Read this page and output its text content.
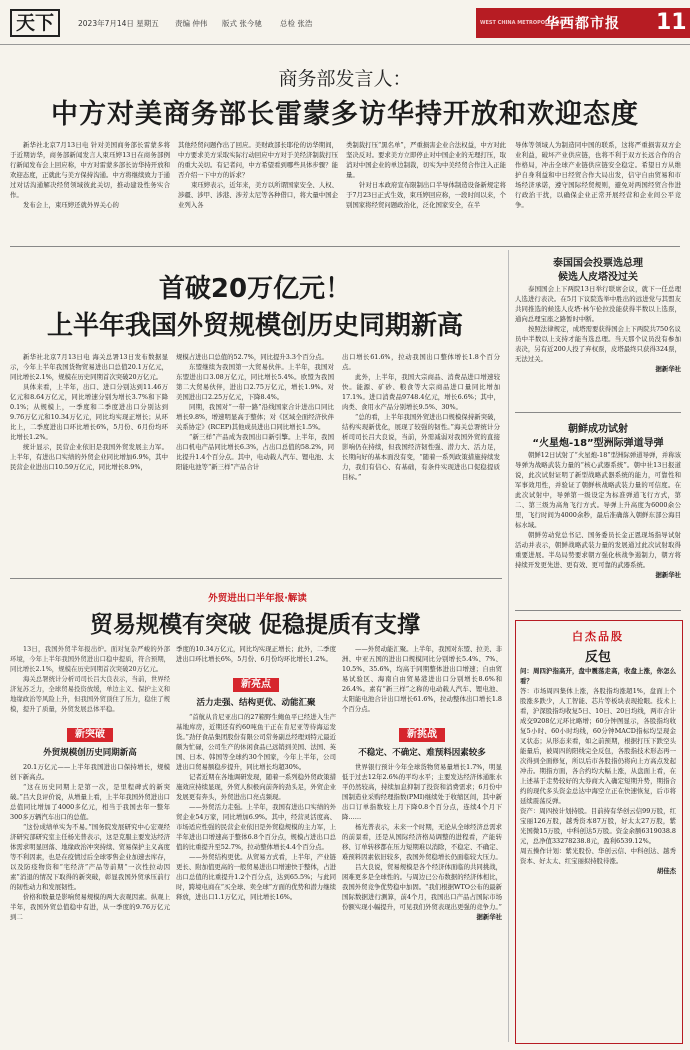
天下	2023年7月14日 星期五 责编 仲伟 版式 张今驰 总检 张浩	WEST CHINA METROPOLIS DAILY
华西都市报 11
商务部发言人：
中方对美商务部长雷蒙多访华持开放和欢迎态度

新华社北京7月13日电 针对美国商务部长雷蒙多将于近期访华，商务部新闻发言人束珏婷13日在商务部例行新闻发布会上回应称，中方对雷蒙多部长访华持开放和欢迎态度，正就此与美方保持沟通。中方将继续致力于通过对话沟通解决经贸领域彼此关切，推动建设性务实合作。

发布会上，束珏婷还就外界关心的

其他经贸问题作出了回应。美财政部长耶伦的访华期间，中方要求美方采取实际行动回应中方对于美经济制裁打压的重大关切。有记者问，中方希望看到哪些具体步骤？能否介绍一下中方的诉求？

束珏婷表示，近年来，美方以所谓国家安全、人权、涉疆、涉甲、涉港、涉芳太尼等各种借口，将大量中国企业列入各

类制裁打压“黑名单”，严重损害企业合法权益，中方对此坚决反对。要求美方立即停止对中国企业的无理打压，取消对中国企业的单边制裁，切实为中美经贸合作注入正能量。

针对日本政府宣布限制出口半导体制造设备新规定将于7月23日正式生效，束珏婷回应称，一段时间以来，个别国家将经贸问题政治化，泛化国家安全，在半

导体等领域人为制造同中国的联系，这将严重损害双方企业利益，破坏产业供应链，也将不利于双方长远合作的合作格局，冲击全球产业链供应链安全稳定。希望日方从维护自身利益和中日经贸合作大局出发，信守自由贸易和市场经济承诺，遵守国际经贸规则，避免对两国经贸合作进行政治干扰，以确保企业正常开展经营和企业间公平竞争。

首破20万亿元！
上半年我国外贸规模创历史同期新高

新华社北京7月13日电 海关总署13日发布数据显示，今年上半年我国货物贸易进出口总值20.1万亿元，同比增长2.1%，规模在历史同期首次突破20万亿元。

具体来看，上半年，出口、进口分别达到11.46万亿元和8.64万亿元，同比增速分别为增长3.7%和下降0.1%；从规模上，一季度和二季度进出口分别达到9.76万亿元和10.34万亿元，同比均实现正增长；从环比上，二季度进出口环比增长6%，5月份、6月份均环比增长1.2%。

统计显示，民营企业依旧是我国外贸发展主力军。上半年，有进出口实绩的外贸企业同比增加6.9%，其中民营企业进出口10.59万亿元，同比增长8.9%，

规模占进出口总值的52.7%，同比提升3.3个百分点。

东盟继续为我国第一大贸易伙伴。上半年，我国对东盟进出口3.08万亿元，同比增长5.4%。欧盟为我国第二大贸易伙伴，进出口2.75万亿元，增长1.9%。对美国进出口2.25万亿元，下降8.4%。

同期，我国对“一带一路”沿线国家合计进出口同比增长9.8%，增速明显高于整体；对《区域全面经济伙伴关系协定》(RCEP)其他成员进出口同比增长1.5%。

“新三样”产品成为我国出口新引擎。上半年，我国出口机电产品同比增长6.3%，占出口总值的58.2%，同比提升1.4个百分点。其中，电动载人汽车、锂电池、太阳能电池等“新三样”产品合计

出口增长61.6%，拉动我国出口整体增长1.8个百分点。

此外，上半年，我国大宗商品、消费品进口增速较快。能源、矿砂、粮食等大宗商品进口量同比增加17.1%。进口消费品9748.4亿元，增长6.6%；其中，肉类、食用水产品分别增长9.5%、30%。

“总的看，上半年我国外贸进出口规模保持新突破，结构实现新优化，展现了较强的韧性。”海关总署统计分析司司长吕大良说，当前，外需减弱对我国外贸的直接影响仍在持续，但我国经济韧性强、潜力大、活力足，长期向好的基本面没有变，“随着一系列政策措施持续发力，我们有信心、有基础，有条件实现进出口促稳提质目标。”

外贸进出口半年报·解读
贸易规模有突破 促稳提质有支撑

13日，我国外贸半年报出炉。面对复杂严峻的外部环境，今年上半年我国外贸进出口稳中提质，符合预期，同比增长2.1%，规模在历史同期首次突破20万亿元。

海关总署统计分析司司长吕大良表示，当前，世界经济复苏乏力，全球贸易投资放缓，单边主义、保护主义和地缘政治等风险上升，但我国外贸顶住了压力，稳住了规模，提升了质量，外贸发展总体平稳。

新突破
外贸规模创历史同期新高

20.1万亿元——上半年我国进出口保持增长，规模创下新高点。

“这在历史同期上是第一次，是里程碑式的新突破。”吕大良评价说，从增量上看，上半年我国外贸进出口总值同比增加了4000多亿元，相当于我国去年一整年300多万辆汽车出口的总值。

“这份成绩单实为不易。”国务院发展研究中心宏观经济研究部研究室主任杨光普表示，这是克服主要发达经济体需求明显回落、地缘政治冲突持续、贸易保护主义高度等不利因素，也是在疫情过后全球零售企业加速去库存，以及防疫物资和“宅经济”产品等前期“一次性拉动因素”消退的情况下取得的新突破，彰显我国外贸承压前行的韧性动力和发展韧性。

价格和数量是影响贸易规模的两大表观因素。纵观上半年，我国外贸总值稳中有进，从一季度的9.76万亿元到二

季度的10.34万亿元，同比均实现正增长；此外，二季度进出口环比增长6%，5月份、6月份均环比增长1.2%。

新亮点
活力走强、结构更优、动能汇聚

“首航从肯尼亚出口的27箱野生鲍鱼平已经进入生产基地库房，近期还有约60吨鱼干正在肯尼亚等待海运发货。”劲仔食品集团股份有限公司常务副总经理刘特元最近颇为忙碌，公司生产的休闲食品已远销到美国、法国、英国、日本、韩国等全球约30个国家，今年上半年，公司进出口贸易额稳步提升，同比增长均超30%。

记者近期在各地调研发现，随着一系列稳外贸政策措施效应持续显现，外贸人积极向前奔的劲头足，外贸企业发展更有奔头，外贸进出口亮点频现。

——外贸活力走强。上半年，我国有进出口实绩的外贸企业54万家，同比增加6.9%。其中，经营灵活度高、市场适应性强的民营企业依旧是外贸稳规模的主力军，上半年进出口增速高于整体6.8个百分点，规模占进出口总值的比重提升至52.7%，拉动整体增长4.4个百分点。

——外贸结构更优。从贸易方式看，上半年，产业链更长、附加值更高的一般贸易进出口增速快于整体，占进出口总值的比重提升1.2个百分点，达到65.5%；与此同时，跨境电商在“买全球、卖全球”方面的优势和潜力继续释放，进出口1.1万亿元，同比增长16%。

——外贸动能汇聚。上半年，我国对东盟、拉美、非洲、中亚五国的进出口规模同比分别增长5.4%、7%、10.5%、35.6%，均高于同期整体进出口增速；自由贸易试验区、海南自由贸易港进出口分别增长8.6%和26.4%。素有“新三样”之称的电动载人汽车、锂电池、太阳能电池合计出口增长61.6%，拉动整体出口增长1.8个百分点。

新挑战
不稳定、不确定、难预料因素较多

世界银行预计今年全球货物贸易量增长1.7%，明显低于过去12年2.6%的平均水平；主要发达经济体通胀水平仍然较高，持续加息抑制了投资和消费需求；6月份中国制造业采购经理指数(PMI)继续处于收缩区间，其中新出口订单指数较上月下降0.8个百分点，连续4个月下降……

杨光普表示，未来一个时期，无论从全球经济总需求的前景看，还是从国际经济格局调整的进程看，产能转移、订单转移都在压力短期难以消除，不稳定、不确定、难预料因素依旧较多，我国外贸稳增长仍面临较大压力。

吕大良说，贸易规模是各个经济体面临的共同挑战，困难更多是全球性的。与周边已公布数据的经济体相比，我国外贸竞争优势稳中加固。“我们根据WTO公布的最新国际数据进行测算，前4个月，我国出口产品占国际市场份额实现小幅提升，可见我们外贸表现出更强的竞争力。”

据新华社
泰国国会投票选总理
候选人皮塔没过关

泰国国会上下两院13日举行联席会议，就下一任总理人选进行表决。在5月下议院选举中胜出的远进党与其盟友共同推选的候选人皮塔·林乍伦拉没能获得半数以上选票，通向总理宝座之路暂时中断。

按照法律规定，成塔需要获得国会上下两院共750名议员中半数以上支持才能当选总理。当天那个议员没有参加表决，另有近200人投了弃权票，皮塔最终只获得324票，无法过关。

据新华社
朝鲜成功试射
“火星炮-18”型洲际弹道导弹

朝鲜12日试射了“火星炮-18”型洲际弹道导弹，并称该导弹为战略武装力量的“核心武器系统”。朝中社13日报道说，此次试射证明了新型战略武器系统的能力，可靠性和军事效用性，并验证了朝鲜核战略武装力量的可信度。在此次试射中，导弹第一级设定为标准弹道飞行方式，第二、第三级为高角飞行方式。导弹上升高度为6000余公里，飞行时间为4000余秒，最后准确落入朝鲜东部公海目标水域。

朝鲜劳动党总书记、国务委员长金正恩现场指导试射活动并表示，朝鲜战略武装力量的发展通过此次试射取得重要进展。半岛局势要求朝方强化核战争遏制力，朝方将持续开发更先进、更有效、更可靠的武器系统。

据新华社
白杰品股
反包

问：周四沪指高开，盘中震荡走高，收盘上涨，你怎么看？

答：市场周四集体上涨，各股指均涨超1%，盘面上个股涨多跌少，人工智能、芯片等板块表现抢眼。技术上看，沪深股指均收复5日、10日、20日均线，两市合计成交9208亿元环比略增；60分钟图显示，各股指均收复5小时、60小时均线，60分钟MACD指标均呈现金叉状态；从形态来看，如之前预期，根据打压下跌空头能量后，被周四的阳线完全反包，各股指技术形态再一次得到全面修复，所以后市各股指仍将向上方高点发起冲击。期指方面，各合约均大幅上涨，从盘面上看，在上述基于走势较好的大券商大入确定短期升势，期指合约的现代多头资金总达中海空立正在快速恢复，后市将延续震荡反弹。

资产：周四按计划持股。目前持有华创云信99万股，红宝丽126万股，越秀资本87万股，好太太27万股，紫光国微15万股，中科创达5万股。资金余额6319038.8元，总净值33278238.8元，盈利6539.12%。

周五操作计划：紫光股份、华创云信、中科创达、越秀资本、好太太、红宝丽拟持股待涨。

胡佳杰
